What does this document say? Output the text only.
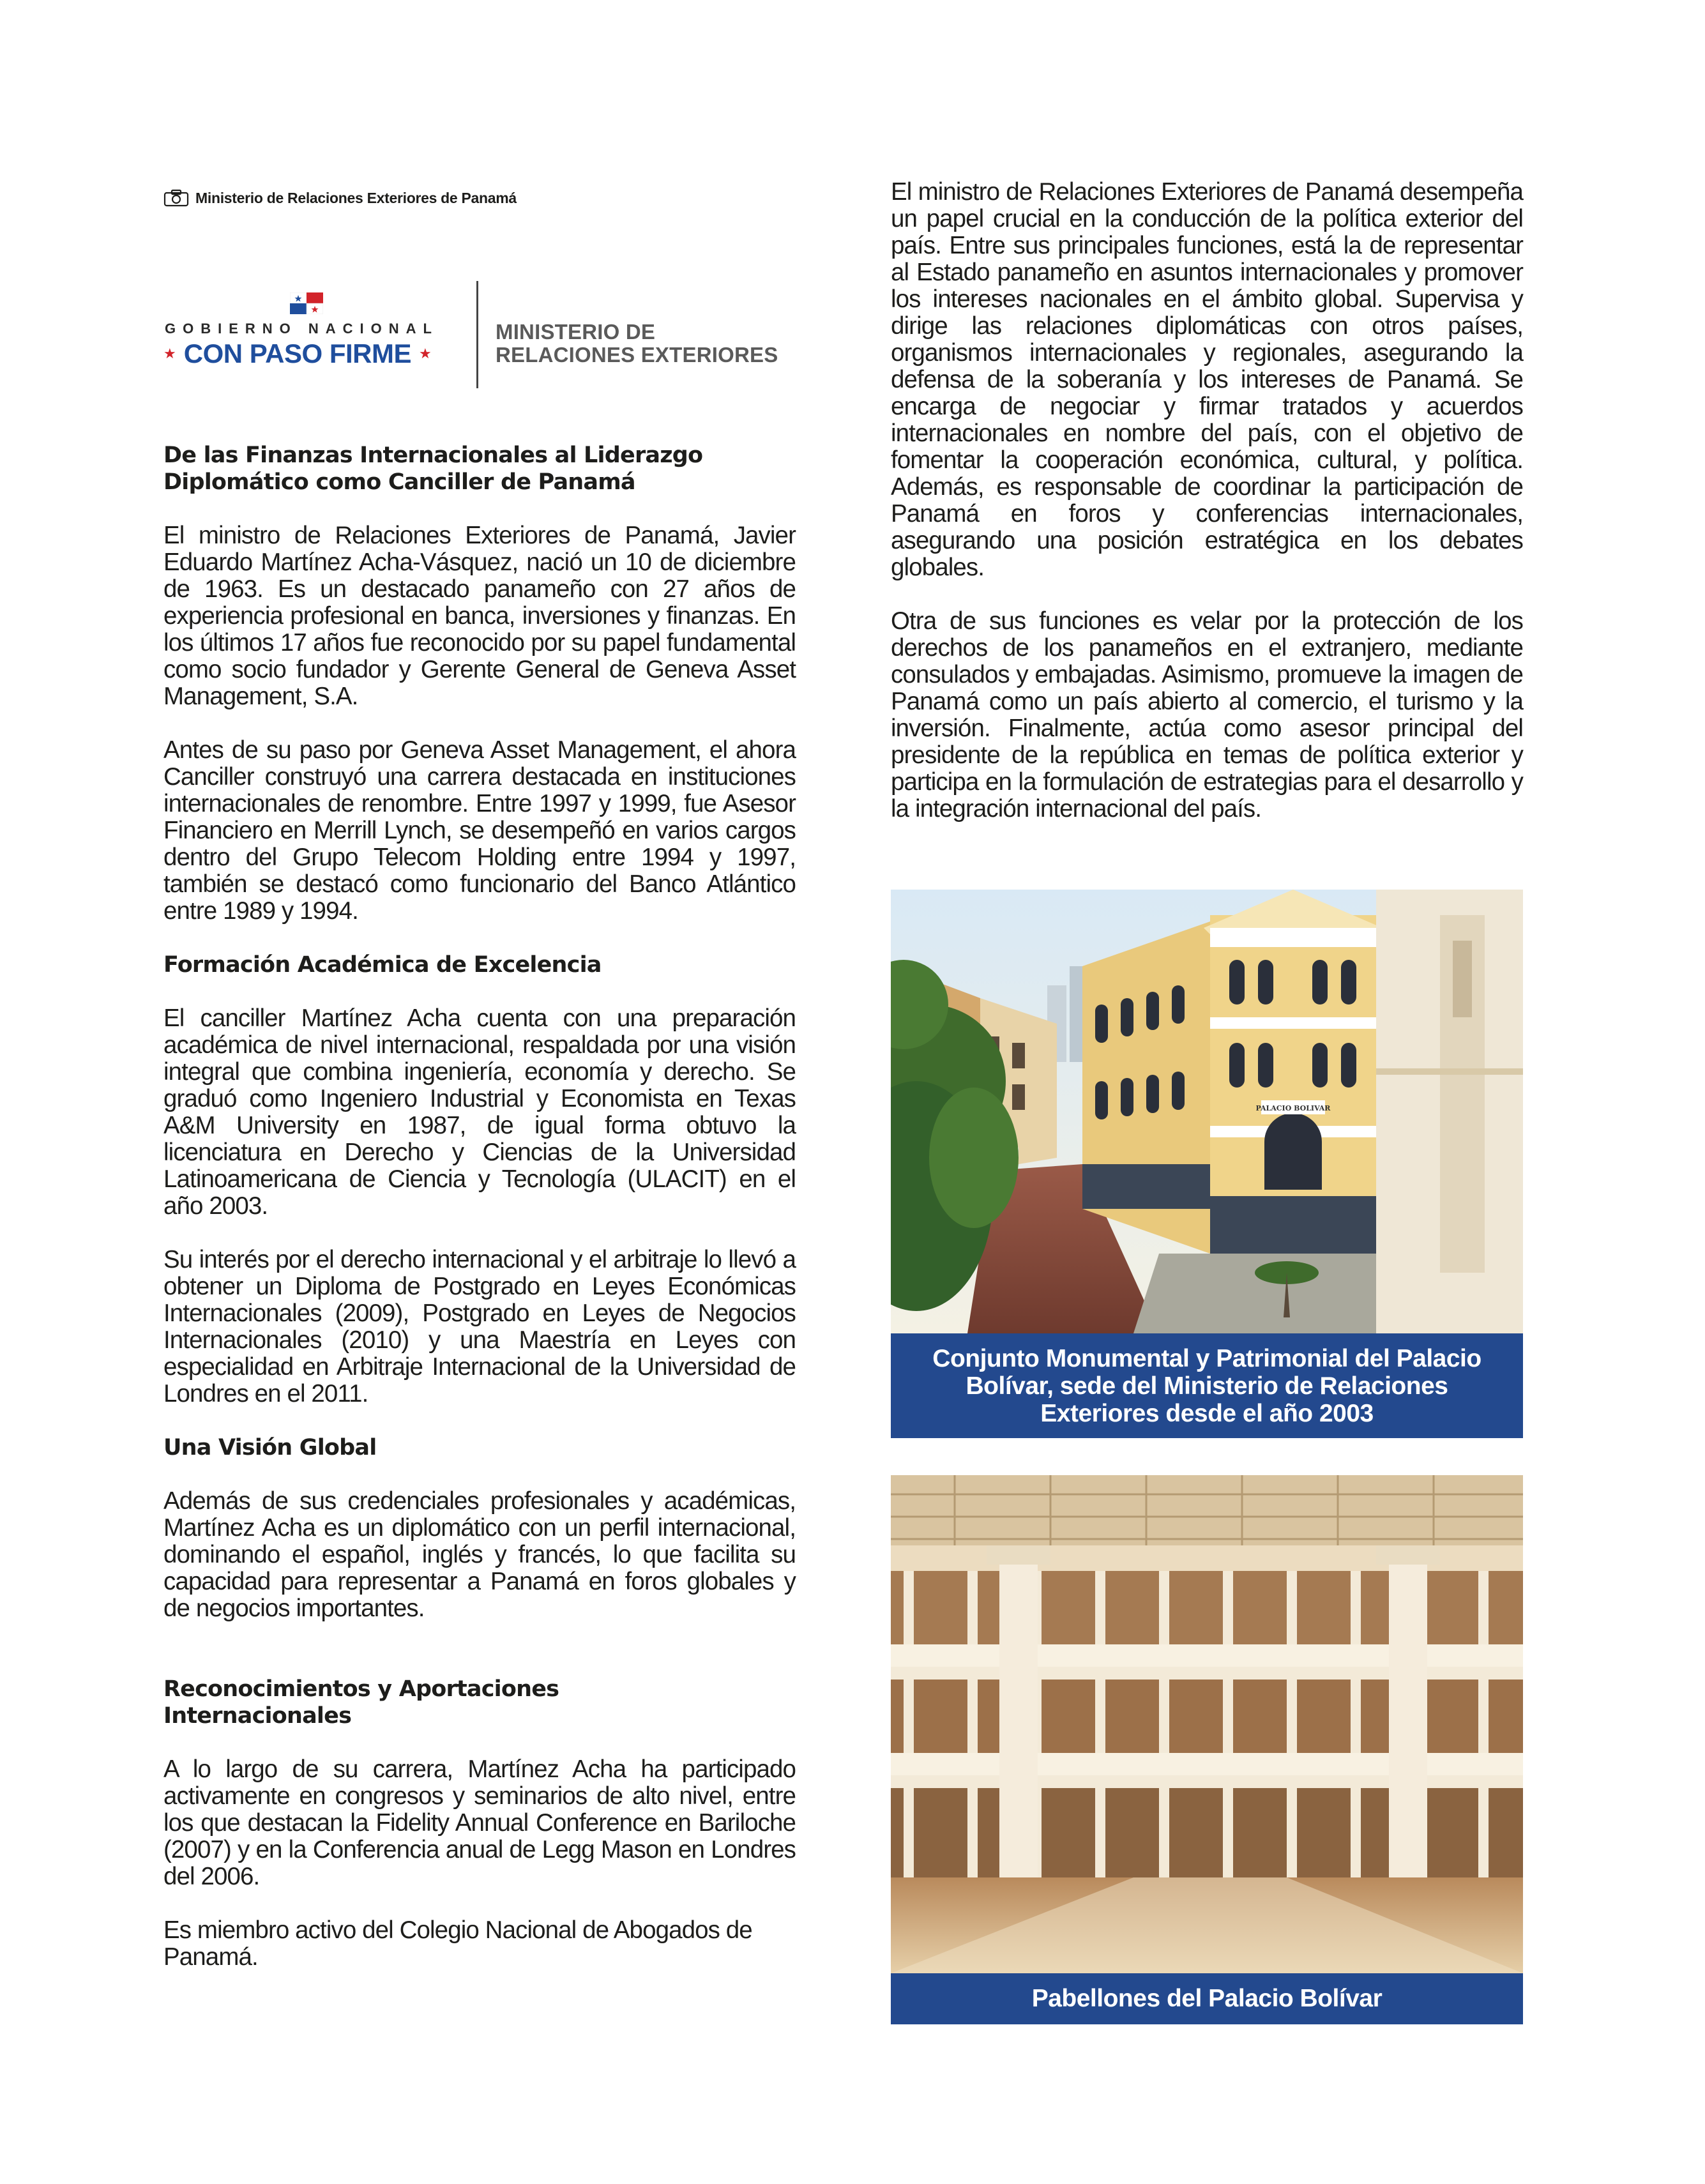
Ministerio de Relaciones Exteriores de Panamá
GOBIERNO NACIONAL
★ CON PASO FIRME ★
MINISTERIO DE
RELACIONES EXTERIORES
De las Finanzas Internacionales al Liderazgo Diplomático como Canciller de Panamá

El ministro de Relaciones Exteriores de Panamá, Javier Eduardo Martínez Acha-Vásquez, nació un 10 de diciembre de 1963. Es un destacado panameño con 27 años de experiencia profesional en banca, inversiones y finanzas. En los últimos 17 años fue reconocido por su papel fundamental como socio fundador y Gerente General de Geneva Asset Management, S.A.

Antes de su paso por Geneva Asset Management, el ahora Canciller construyó una carrera destacada en instituciones internacionales de renombre. Entre 1997 y 1999, fue Asesor Financiero en Merrill Lynch, se desempeñó en varios cargos dentro del Grupo Telecom Holding entre 1994 y 1997, también se destacó como funcionario del Banco Atlántico entre 1989 y 1994.

Formación Académica de Excelencia

El canciller Martínez Acha cuenta con una preparación académica de nivel internacional, respaldada por una visión integral que combina ingeniería, economía y derecho. Se graduó como Ingeniero Industrial y Economista en Texas A&M University en 1987, de igual forma obtuvo la licenciatura en Derecho y Ciencias de la Universidad Latinoamericana de Ciencia y Tecnología (ULACIT) en el año 2003.

Su interés por el derecho internacional y el arbitraje lo llevó a obtener un Diploma de Postgrado en Leyes Económicas Internacionales (2009), Postgrado en Leyes de Negocios Internacionales (2010) y una Maestría en Leyes con especialidad en Arbitraje Internacional de la Universidad de Londres en el 2011.

Una Visión Global

Además de sus credenciales profesionales y académicas, Martínez Acha es un diplomático con un perfil internacional, dominando el español, inglés y francés, lo que facilita su capacidad para representar a Panamá en foros globales y de negocios importantes.

Reconocimientos y Aportaciones Internacionales

A lo largo de su carrera, Martínez Acha ha participado activamente en congresos y seminarios de alto nivel, entre los que destacan la Fidelity Annual Conference en Bariloche (2007) y en la Conferencia anual de Legg Mason en Londres del 2006.

Es miembro activo del Colegio Nacional de Abogados de Panamá.

El ministro de Relaciones Exteriores de Panamá desempeña un papel crucial en la conducción de la política exterior del país. Entre sus principales funciones, está la de representar al Estado panameño en asuntos internacionales y promover los intereses nacionales en el ámbito global. Supervisa y dirige las relaciones diplomáticas con otros países, organismos internacionales y regionales, asegurando la defensa de la soberanía y los intereses de Panamá. Se encarga de negociar y firmar tratados y acuerdos internacionales en nombre del país, con el objetivo de fomentar la cooperación económica, cultural, y política. Además, es responsable de coordinar la participación de Panamá en foros y conferencias internacionales, asegurando una posición estratégica en los debates globales.

Otra de sus funciones es velar por la protección de los derechos de los panameños en el extranjero, mediante consulados y embajadas. Asimismo, promueve la imagen de Panamá como un país abierto al comercio, el turismo y la inversión. Finalmente, actúa como asesor principal del presidente de la república en temas de política exterior y participa en la formulación de estrategias para el desarrollo y la integración internacional del país.

PALACIO BOLIVAR
Conjunto Monumental y Patrimonial del Palacio Bolívar, sede del Ministerio de Relaciones Exteriores desde el año 2003
Pabellones del Palacio Bolívar
